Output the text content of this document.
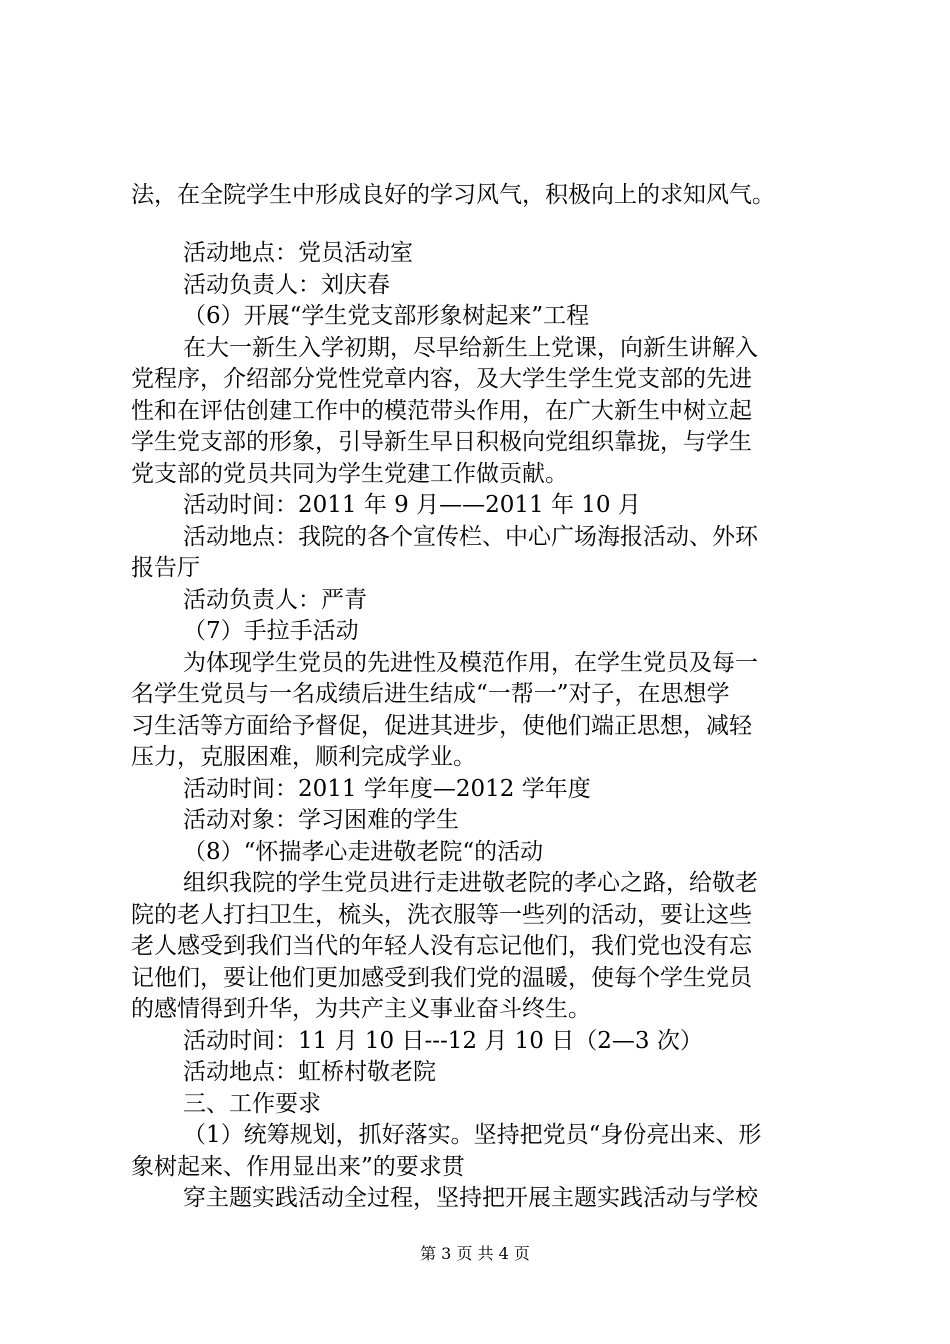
法，在全院学生中形成良好的学习风气，积极向上的求知风气。
活动地点：党员活动室
活动负责人：刘庆春
（6）开展“学生党支部形象树起来”工程
在大一新生入学初期，尽早给新生上党课，向新生讲解入
党程序，介绍部分党性党章内容，及大学生学生党支部的先进
性和在评估创建工作中的模范带头作用，在广大新生中树立起
学生党支部的形象，引导新生早日积极向党组织靠拢，与学生
党支部的党员共同为学生党建工作做贡献。
活动时间：2011 年 9 月——2011 年 10 月
活动地点：我院的各个宣传栏、中心广场海报活动、外环
报告厅
活动负责人：严青
（7）手拉手活动
为体现学生党员的先进性及模范作用，在学生党员及每一
名学生党员与一名成绩后进生结成“一帮一”对子，在思想学
习生活等方面给予督促，促进其进步，使他们端正思想，减轻
压力，克服困难，顺利完成学业。
活动时间：2011 学年度—2012 学年度
活动对象：学习困难的学生
（8）“怀揣孝心走进敬老院“的活动
组织我院的学生党员进行走进敬老院的孝心之路，给敬老
院的老人打扫卫生，梳头，洗衣服等一些列的活动，要让这些
老人感受到我们当代的年轻人没有忘记他们，我们党也没有忘
记他们，要让他们更加感受到我们党的温暖，使每个学生党员
的感情得到升华，为共产主义事业奋斗终生。
活动时间：11 月 10 日---12 月 10 日（2—3 次）
活动地点：虹桥村敬老院
三、工作要求
（1）统筹规划，抓好落实。坚持把党员“身份亮出来、形
象树起来、作用显出来”的要求贯
穿主题实践活动全过程，坚持把开展主题实践活动与学校
第 3 页 共 4 页
